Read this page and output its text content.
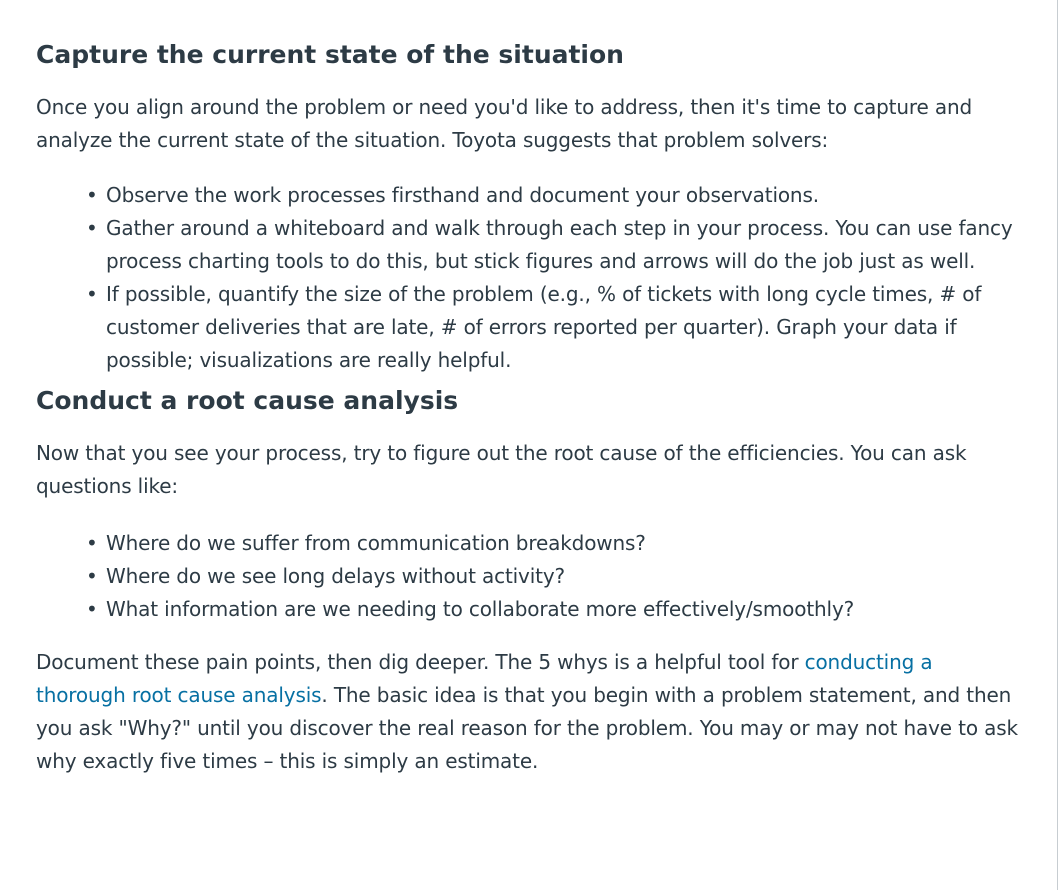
Capture the current state of the situation

Once you align around the problem or need you'd like to address, then it's time to capture and analyze the current state of the situation. Toyota suggests that problem solvers:

• Observe the work processes firsthand and document your observations.
• Gather around a whiteboard and walk through each step in your process. You can use fancy process charting tools to do this, but stick figures and arrows will do the job just as well.
• If possible, quantify the size of the problem (e.g., % of tickets with long cycle times, # of customer deliveries that are late, # of errors reported per quarter). Graph your data if possible; visualizations are really helpful.
Conduct a root cause analysis

Now that you see your process, try to figure out the root cause of the efficiencies. You can ask questions like:

• Where do we suffer from communication breakdowns?
• Where do we see long delays without activity?
• What information are we needing to collaborate more effectively/smoothly?

Document these pain points, then dig deeper. The 5 whys is a helpful tool for conducting a thorough root cause analysis. The basic idea is that you begin with a problem statement, and then you ask "Why?" until you discover the real reason for the problem. You may or may not have to ask why exactly five times – this is simply an estimate.
